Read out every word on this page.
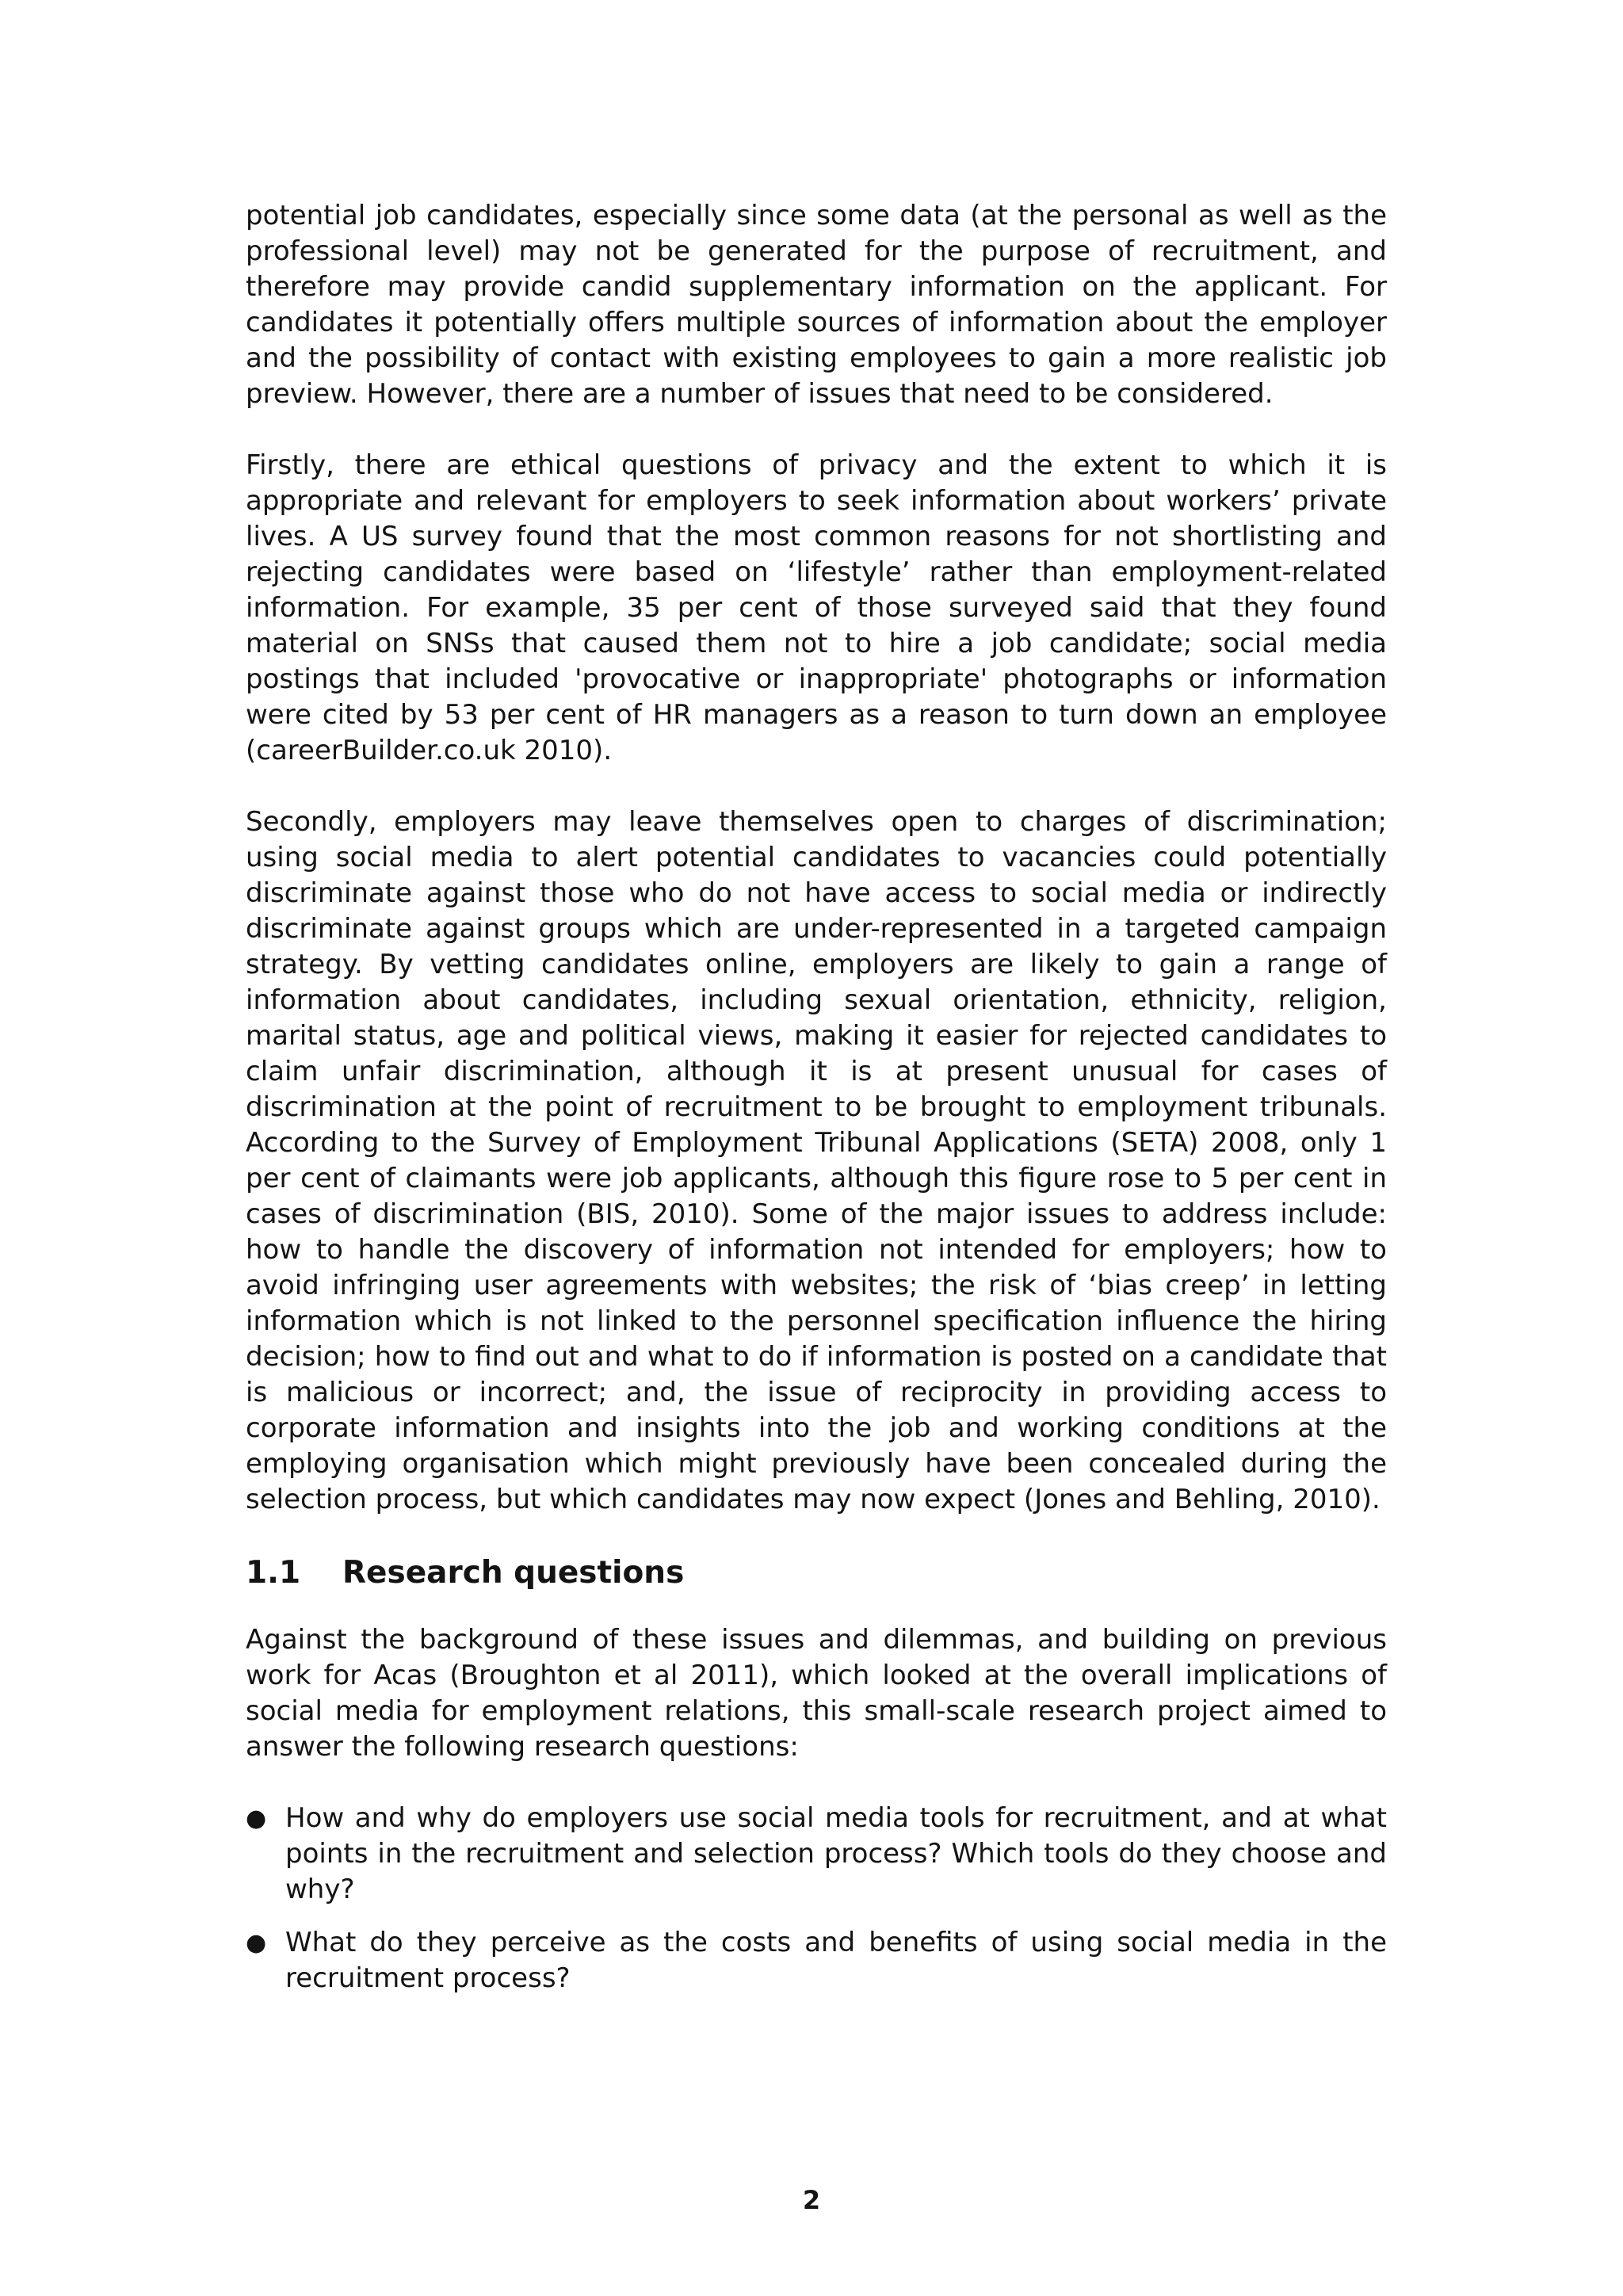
potential job candidates, especially since some data (at the personal as well as the professional level) may not be generated for the purpose of recruitment, and therefore may provide candid supplementary information on the applicant. For candidates it potentially offers multiple sources of information about the employer and the possibility of contact with existing employees to gain a more realistic job preview. However, there are a number of issues that need to be considered.

Firstly, there are ethical questions of privacy and the extent to which it is appropriate and relevant for employers to seek information about workers’ private lives. A US survey found that the most common reasons for not shortlisting and rejecting candidates were based on ‘lifestyle’ rather than employment-related information. For example, 35 per cent of those surveyed said that they found material on SNSs that caused them not to hire a job candidate; social media postings that included 'provocative or inappropriate' photographs or information were cited by 53 per cent of HR managers as a reason to turn down an employee (careerBuilder.co.uk 2010).

Secondly, employers may leave themselves open to charges of discrimination; using social media to alert potential candidates to vacancies could potentially discriminate against those who do not have access to social media or indirectly discriminate against groups which are under-represented in a targeted campaign strategy. By vetting candidates online, employers are likely to gain a range of information about candidates, including sexual orientation, ethnicity, religion, marital status, age and political views, making it easier for rejected candidates to claim unfair discrimination, although it is at present unusual for cases of discrimination at the point of recruitment to be brought to employment tribunals. According to the Survey of Employment Tribunal Applications (SETA) 2008, only 1 per cent of claimants were job applicants, although this figure rose to 5 per cent in cases of discrimination (BIS, 2010). Some of the major issues to address include: how to handle the discovery of information not intended for employers; how to avoid infringing user agreements with websites; the risk of ‘bias creep’ in letting information which is not linked to the personnel specification influence the hiring decision; how to find out and what to do if information is posted on a candidate that is malicious or incorrect; and, the issue of reciprocity in providing access to corporate information and insights into the job and working conditions at the employing organisation which might previously have been concealed during the selection process, but which candidates may now expect (Jones and Behling, 2010).

1.1	Research questions

Against the background of these issues and dilemmas, and building on previous work for Acas (Broughton et al 2011), which looked at the overall implications of social media for employment relations, this small-scale research project aimed to answer the following research questions:

● How and why do employers use social media tools for recruitment, and at what points in the recruitment and selection process? Which tools do they choose and why?
● What do they perceive as the costs and benefits of using social media in the recruitment process?
2
